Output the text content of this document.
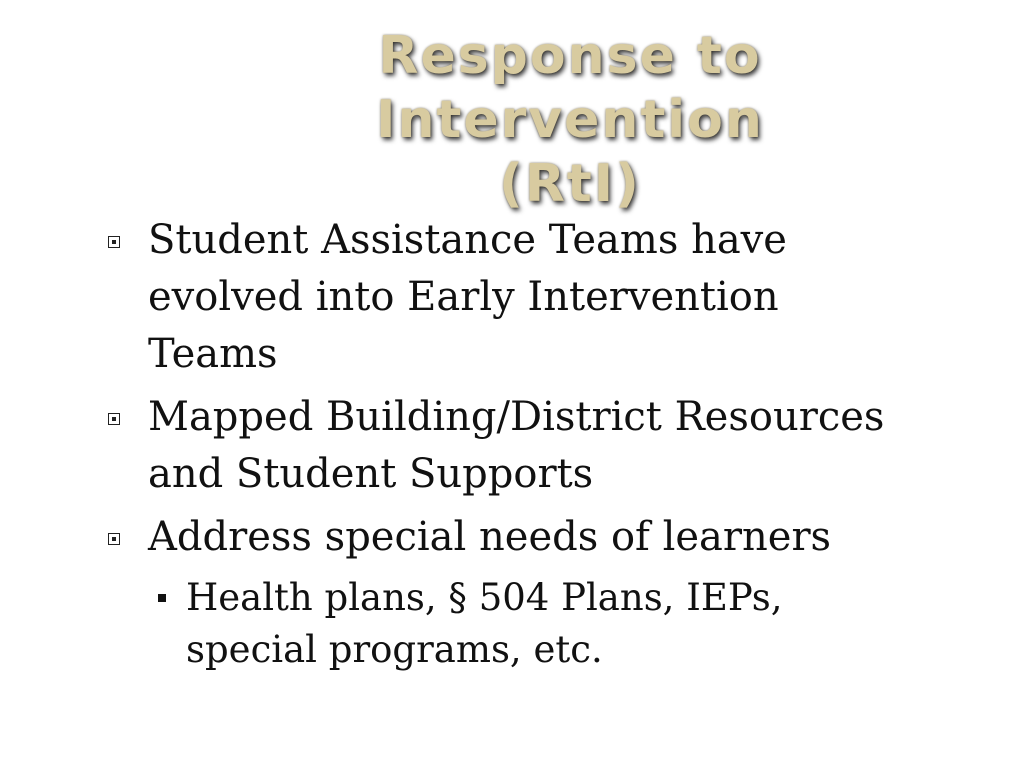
Response to Intervention
(RtI)
Student Assistance Teams have evolved into Early Intervention Teams
Mapped Building/District Resources and Student Supports
Address special needs of learners
Health plans, § 504 Plans, IEPs, special programs, etc.
